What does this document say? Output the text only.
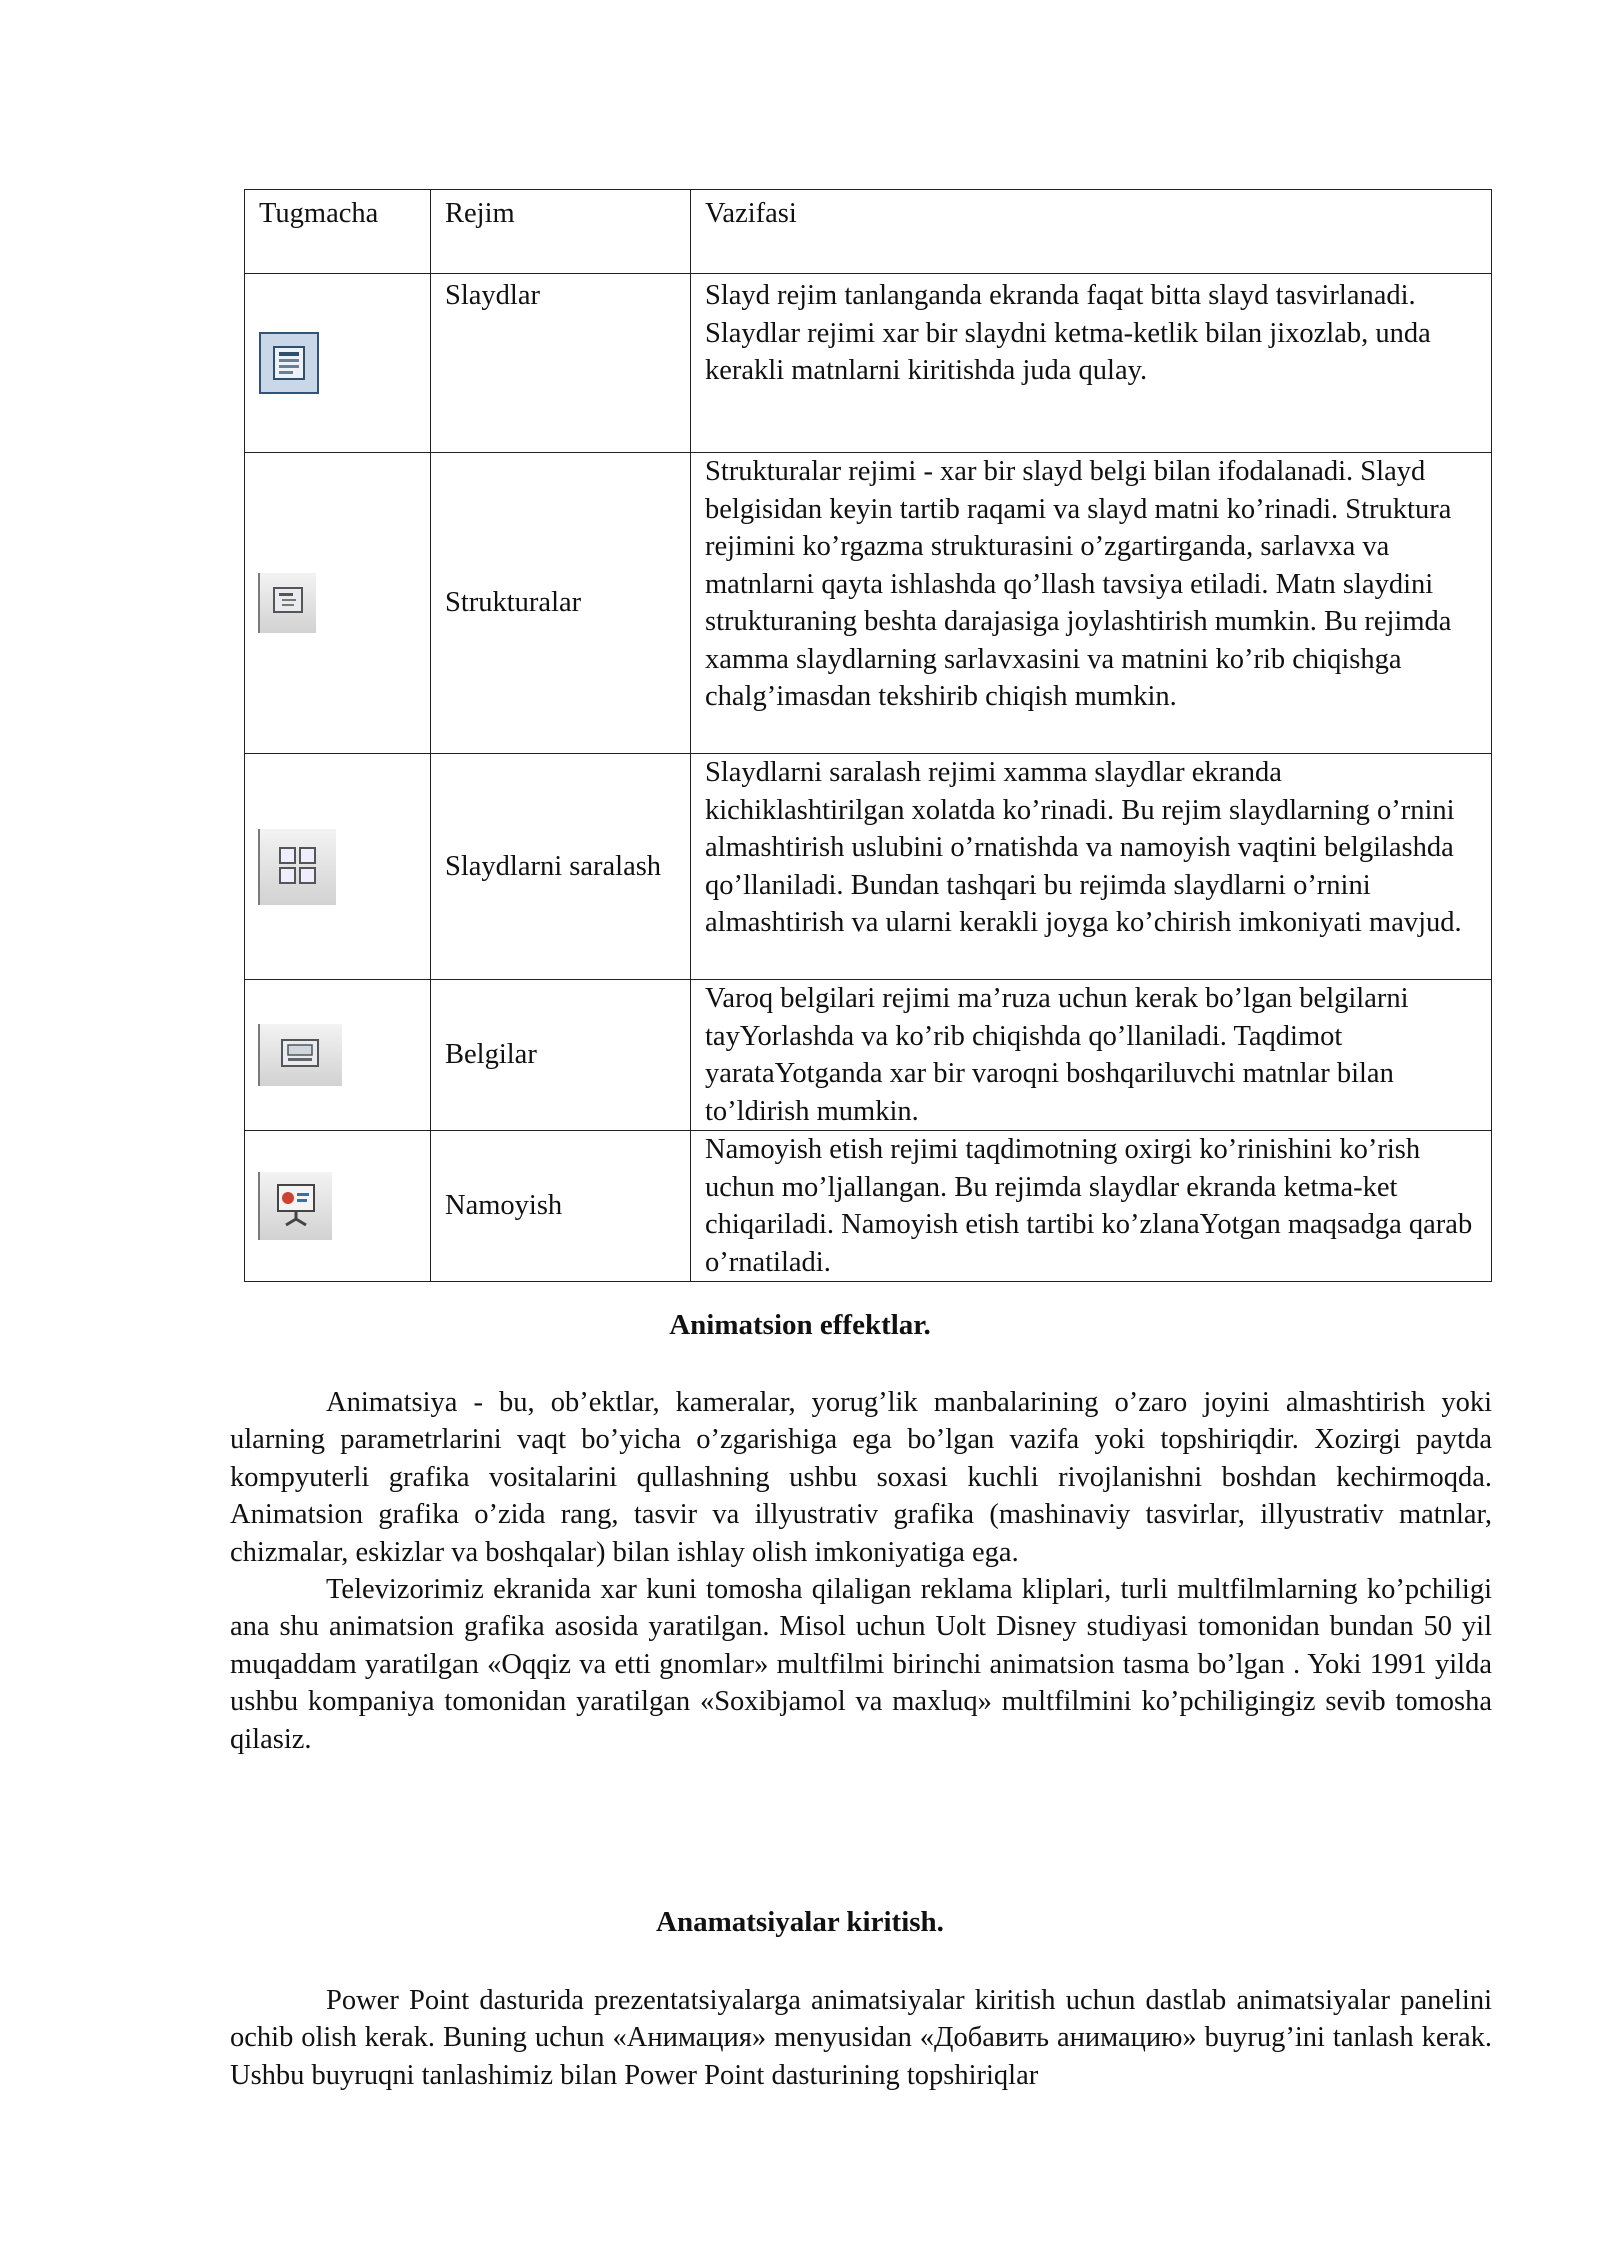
Tugmacha	Rejim	Vazifasi

	Slaydlar	Slayd rejim tanlanganda ekranda faqat bitta slayd tasvirlanadi. Slaydlar rejimi xar bir slaydni ketma-ketlik bilan jixozlab, unda kerakli matnlarni kiritishda juda qulay.

	Strukturalar	Strukturalar rejimi - xar bir slayd belgi bilan ifodalanadi. Slayd belgisidan keyin tartib raqami va slayd matni ko’rinadi. Struktura rejimini ko’rgazma strukturasini o’zgartirganda, sarlavxa va matnlarni qayta ishlashda qo’llash tavsiya etiladi. Matn slaydini strukturaning beshta darajasiga joylashtirish mumkin. Bu rejimda xamma slaydlarning sarlavxasini va matnini ko’rib chiqishga chalg’imasdan tekshirib chiqish mumkin.

	Slaydlarni saralash	Slaydlarni saralash rejimi xamma slaydlar ekranda kichiklashtirilgan xolatda ko’rinadi. Bu rejim slaydlarning o’rnini almashtirish uslubini o’rnatishda va namoyish vaqtini belgilashda qo’llaniladi. Bundan tashqari bu rejimda slaydlarni o’rnini almashtirish va ularni kerakli joyga ko’chirish imkoniyati mavjud.

	Belgilar	Varoq belgilari rejimi ma’ruza uchun kerak bo’lgan belgilarni tayYorlashda va ko’rib chiqishda qo’llaniladi. Taqdimot yarataYotganda xar bir varoqni boshqariluvchi matnlar bilan to’ldirish mumkin.

	Namoyish	Namoyish etish rejimi taqdimotning oxirgi ko’rinishini ko’rish uchun mo’ljallangan. Bu rejimda slaydlar ekranda ketma-ket chiqariladi. Namoyish etish tartibi ko’zlanaYotgan maqsadga qarab o’rnatiladi.
Animatsion effektlar.

Animatsiya - bu, ob’ektlar, kameralar, yorug’lik manbalarining o’zaro joyini almashtirish yoki ularning parametrlarini vaqt bo’yicha o’zgarishiga ega bo’lgan vazifa yoki topshiriqdir. Xozirgi paytda kompyuterli grafika vositalarini qullashning ushbu soxasi kuchli rivojlanishni boshdan kechirmoqda. Animatsion grafika o’zida rang, tasvir va illyustrativ grafika (mashinaviy tasvirlar, illyustrativ matnlar, chizmalar, eskizlar va boshqalar) bilan ishlay olish imkoniyatiga ega.

Televizorimiz ekranida xar kuni tomosha qilaligan reklama kliplari, turli multfilmlarning ko’pchiligi ana shu animatsion grafika asosida yaratilgan. Misol uchun Uolt Disney studiyasi tomonidan bundan 50 yil muqaddam yaratilgan «Oqqiz va etti gnomlar» multfilmi birinchi animatsion tasma bo’lgan . Yoki 1991 yilda ushbu kompaniya tomonidan yaratilgan «Soxibjamol va maxluq» multfilmini ko’pchiligingiz sevib tomosha qilasiz.

Anamatsiyalar kiritish.

Power Point dasturida prezentatsiyalarga animatsiyalar kiritish uchun dastlab animatsiyalar panelini ochib olish kerak. Buning uchun «Анимация» menyusidan «Добавить анимацию» buyrug’ini tanlash kerak. Ushbu buyruqni tanlashimiz bilan Power Point dasturining topshiriqlar
